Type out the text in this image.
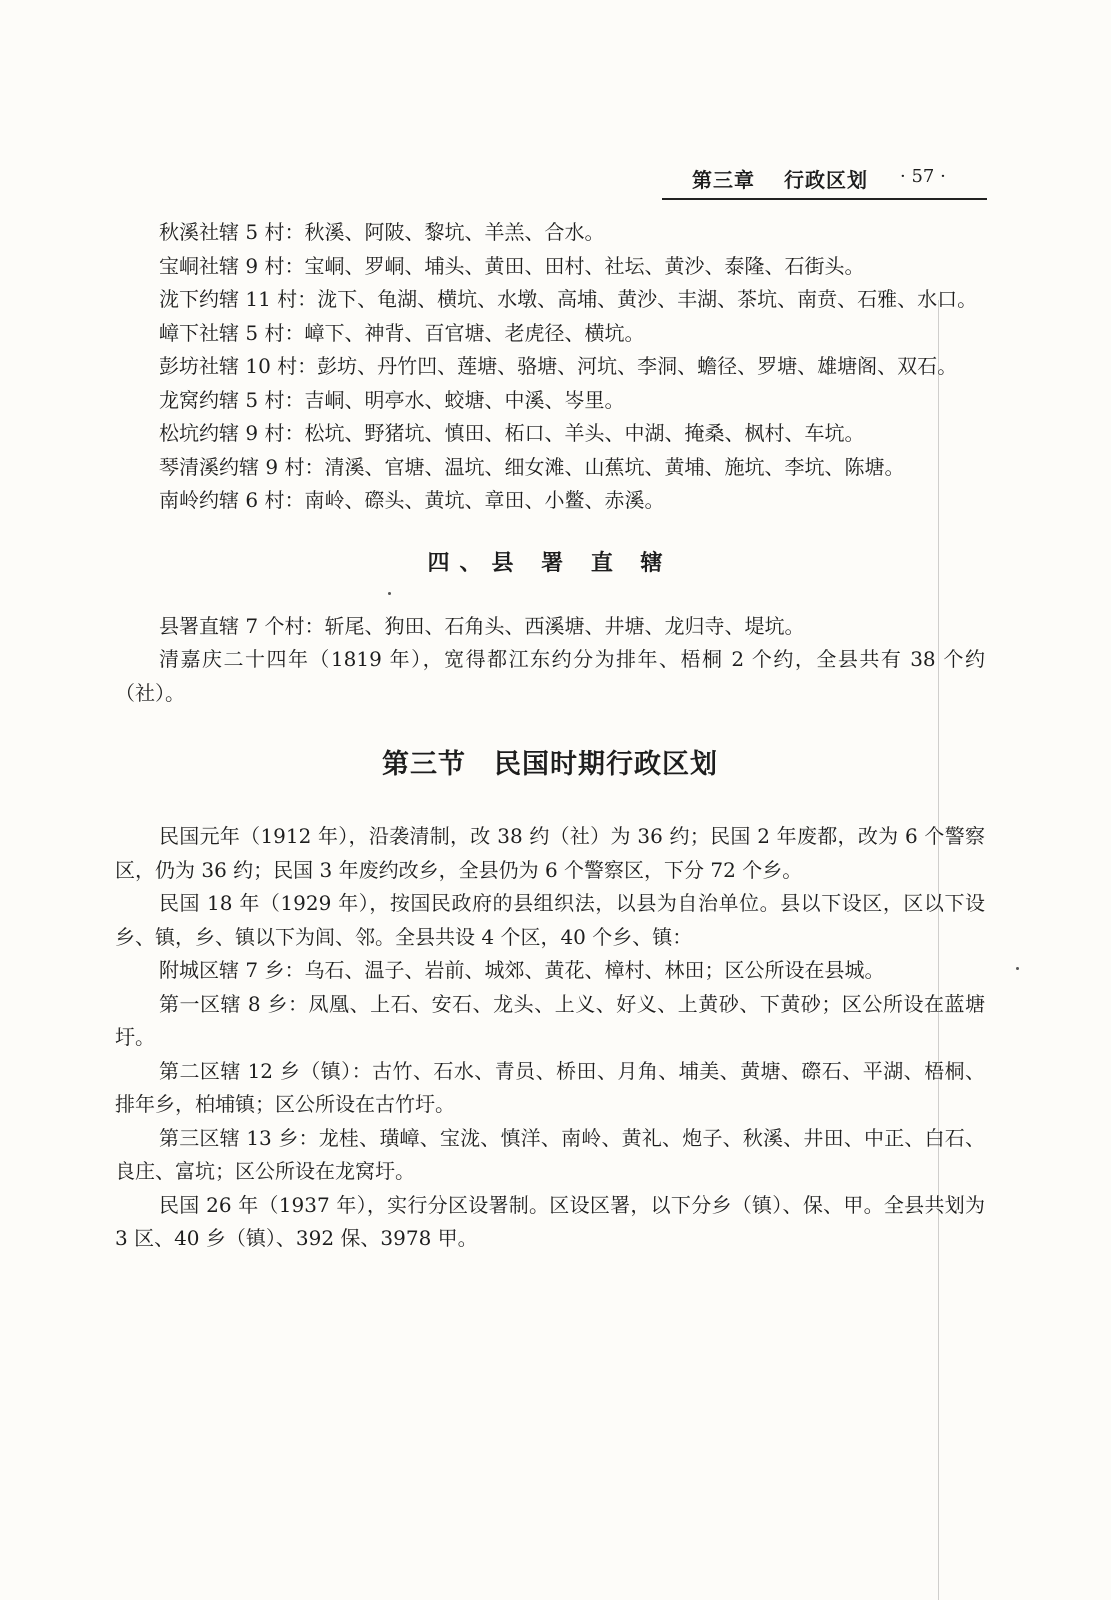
第三章 行政区划 · 57 ·

秋溪社辖 5 村：秋溪、阿陂、黎坑、羊羔、合水。

宝峒社辖 9 村：宝峒、罗峒、埔头、黄田、田村、社坛、黄沙、泰隆、石街头。

泷下约辖 11 村：泷下、龟湖、横坑、水墩、高埔、黄沙、丰湖、茶坑、南贲、石雅、水口。

嶂下社辖 5 村：嶂下、神背、百官塘、老虎径、横坑。

彭坊社辖 10 村：彭坊、丹竹凹、莲塘、骆塘、河坑、李洞、蟾径、罗塘、雄塘阁、双石。

龙窝约辖 5 村：吉峒、明亭水、蛟塘、中溪、岑里。

松坑约辖 9 村：松坑、野猪坑、慎田、柘口、羊头、中湖、掩桑、枫村、车坑。

琴清溪约辖 9 村：清溪、官塘、温坑、细女滩、山蕉坑、黄埔、施坑、李坑、陈塘。

南岭约辖 6 村：南岭、磜头、黄坑、章田、小鳖、赤溪。

四、县 署 直 辖

县署直辖 7 个村：斩尾、狗田、石角头、西溪塘、井塘、龙归寺、堤坑。

清嘉庆二十四年（1819 年），宽得都江东约分为排年、梧桐 2 个约，全县共有 38 个约（社）。

第三节　民国时期行政区划

民国元年（1912 年），沿袭清制，改 38 约（社）为 36 约；民国 2 年废都，改为 6 个警察区，仍为 36 约；民国 3 年废约改乡，全县仍为 6 个警察区，下分 72 个乡。

民国 18 年（1929 年），按国民政府的县组织法，以县为自治单位。县以下设区，区以下设乡、镇，乡、镇以下为闾、邻。全县共设 4 个区，40 个乡、镇：

附城区辖 7 乡：乌石、温子、岩前、城郊、黄花、樟村、林田；区公所设在县城。

第一区辖 8 乡：凤凰、上石、安石、龙头、上义、好义、上黄砂、下黄砂；区公所设在蓝塘圩。

第二区辖 12 乡（镇）：古竹、石水、青员、桥田、月角、埔美、黄塘、磜石、平湖、梧桐、排年乡，柏埔镇；区公所设在古竹圩。

第三区辖 13 乡：龙桂、璜嶂、宝泷、慎洋、南岭、黄礼、炮子、秋溪、井田、中正、白石、良庄、富坑；区公所设在龙窝圩。

民国 26 年（1937 年），实行分区设署制。区设区署，以下分乡（镇）、保、甲。全县共划为 3 区、40 乡（镇）、392 保、3978 甲。
